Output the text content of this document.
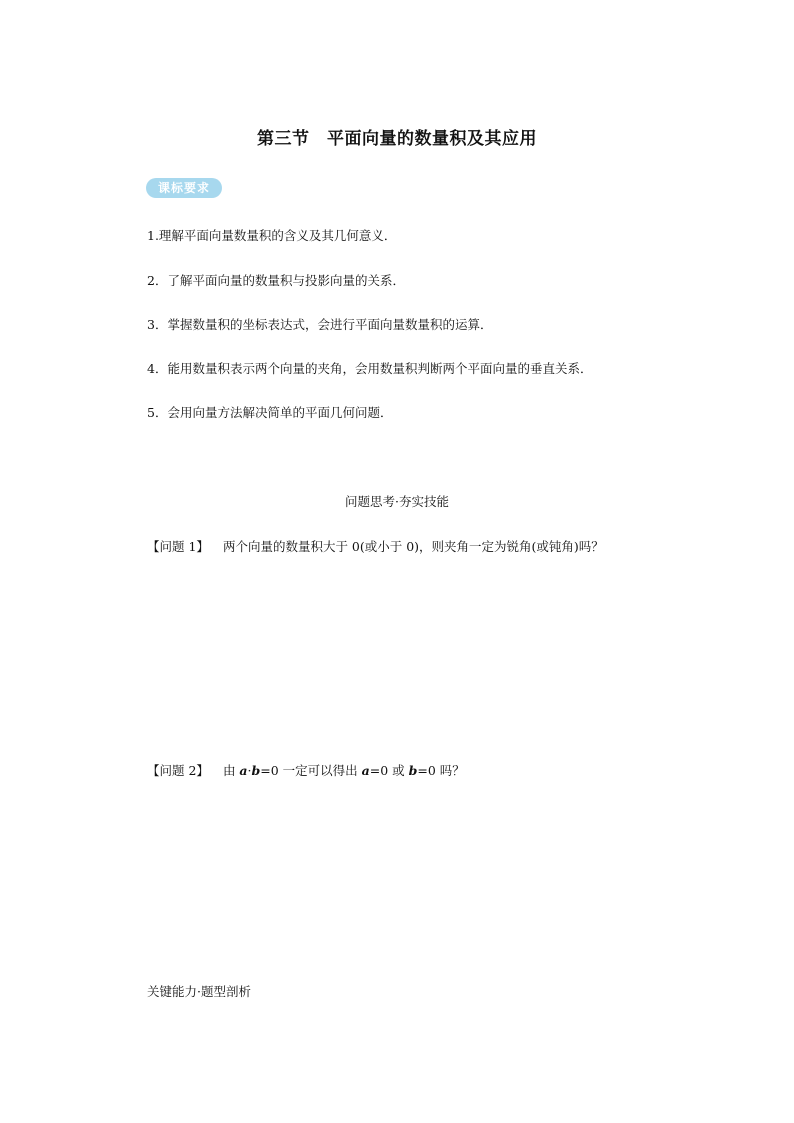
第三节　平面向量的数量积及其应用
课标要求
1.理解平面向量数量积的含义及其几何意义．
2．了解平面向量的数量积与投影向量的关系．
3．掌握数量积的坐标表达式，会进行平面向量数量积的运算．
4．能用数量积表示两个向量的夹角，会用数量积判断两个平面向量的垂直关系．
5．会用向量方法解决简单的平面几何问题．
问题思考·夯实技能
【问题 1】 两个向量的数量积大于 0(或小于 0)，则夹角一定为锐角(或钝角)吗？
【问题 2】 由 a·b=0 一定可以得出 a=0 或 b=0 吗？
关键能力·题型剖析
